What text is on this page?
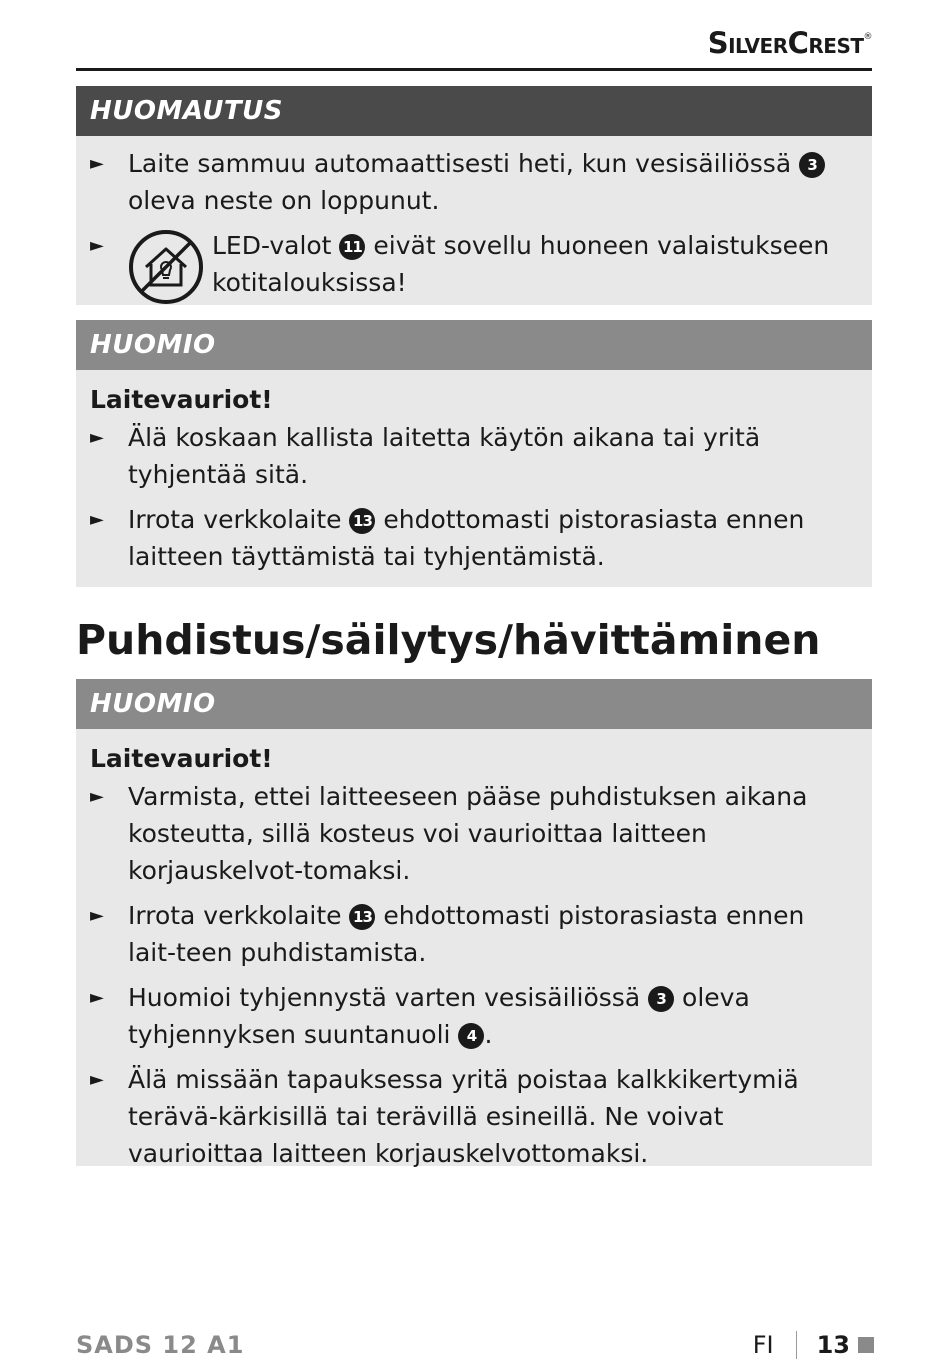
SilverCrest®
HUOMAUTUS
► Laite sammuu automaattisesti heti, kun vesisäiliössä 3 oleva neste on loppunut.
►	LED-valot 11 eivät sovellu huoneen valaistukseen kotitalouksissa!
HUOMIO
Laitevauriot!
► Älä koskaan kallista laitetta käytön aikana tai yritä tyhjentää sitä.
► Irrota verkkolaite 13 ehdottomasti pistorasiasta ennen laitteen täyttämistä tai tyhjentämistä.
Puhdistus/säilytys/hävittäminen
HUOMIO
Laitevauriot!
► Varmista, ettei laitteeseen pääse puhdistuksen aikana kosteutta, sillä kosteus voi vaurioittaa laitteen korjauskelvot-tomaksi.
► Irrota verkkolaite 13 ehdottomasti pistorasiasta ennen lait-teen puhdistamista.
► Huomioi tyhjennystä varten vesisäiliössä 3 oleva tyhjennyksen suuntanuoli 4 .
► Älä missään tapauksessa yritä poistaa kalkkikertymiä terävä-kärkisillä tai terävillä esineillä. Ne voivat vaurioittaa laitteen korjauskelvottomaksi.
SADS 12 A1	FI 13
